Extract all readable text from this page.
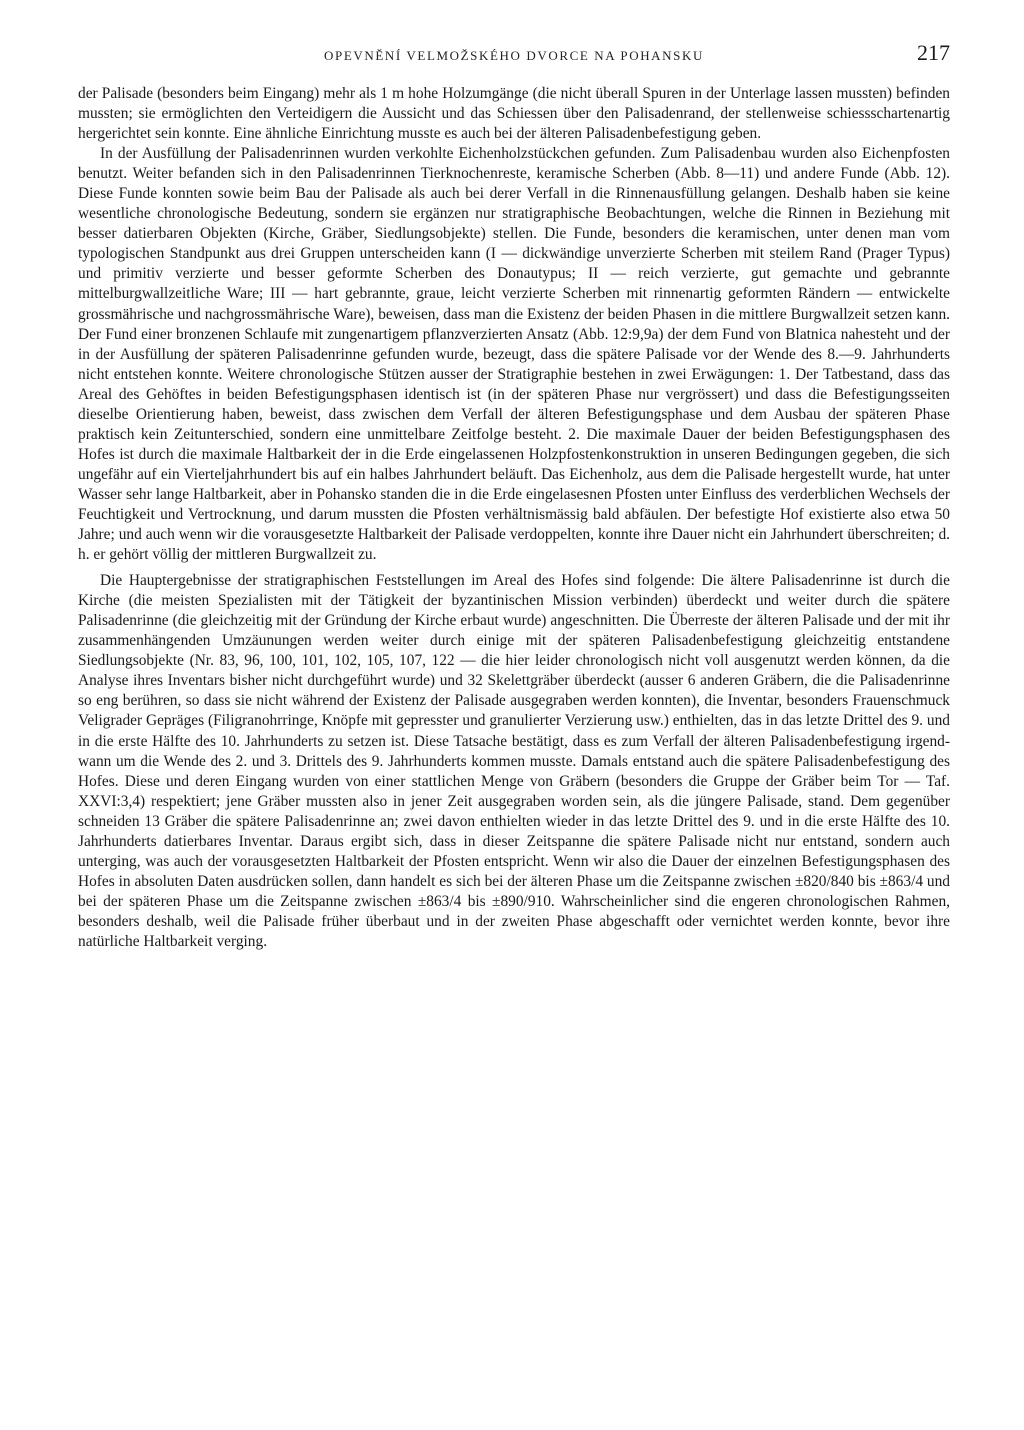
OPEVNĚNÍ VELMOŽSKÉHO DVORCE NA POHANSKU	217

der Palisade (besonders beim Eingang) mehr als 1 m hohe Holzumgänge (die nicht überall Spuren in der Unterlage lassen mussten) befinden mussten; sie ermöglichten den Verteidigern die Aussicht und das Schiessen über den Palisadenrand, der stellenweise schiessschartenartig hergerichtet sein konnte. Eine ähnliche Einrichtung musste es auch bei der älteren Palisadenbefestigung geben.

In der Ausfüllung der Palisadenrinnen wurden verkohlte Eichenholzstückchen gefunden. Zum Palisadenbau wurden also Eichenpfosten benutzt. Weiter befanden sich in den Palisadenrinnen Tierknochenreste, keramische Scherben (Abb. 8—11) und andere Funde (Abb. 12). Diese Funde konnten sowie beim Bau der Palisade als auch bei derer Verfall in die Rinnenausfüllung gelangen. Deshalb haben sie keine wesentliche chronologische Bedeutung, sondern sie ergänzen nur stratigraphische Beobachtungen, welche die Rinnen in Beziehung mit besser datierbaren Objekten (Kirche, Gräber, Siedlungsobjekte) stellen. Die Funde, besonders die keramischen, unter denen man vom typologischen Standpunkt aus drei Gruppen unterscheiden kann (I — dickwändige unverzierte Scherben mit steilem Rand (Prager Typus) und primitiv verzierte und besser geformte Scherben des Donautypus; II — reich verzierte, gut gemachte und gebrannte mittelburgwallzeitliche Ware; III — hart gebrannte, graue, leicht verzierte Scherben mit rinnenartig geformten Rändern — entwickelte grossmährische und nachgrossmährische Ware), beweisen, dass man die Existenz der beiden Phasen in die mittlere Burgwallzeit setzen kann. Der Fund einer bronzenen Schlaufe mit zungenartigem pflanzverzierten Ansatz (Abb. 12:9,9a) der dem Fund von Blatnica nahesteht und der in der Ausfüllung der späteren Palisadenrinne gefunden wurde, bezeugt, dass die spätere Palisade vor der Wende des 8.—9. Jahrhunderts nicht entstehen konnte. Weitere chronologische Stützen ausser der Stratigraphie bestehen in zwei Erwägungen: 1. Der Tatbestand, dass das Areal des Gehöftes in beiden Befestigungsphasen identisch ist (in der späteren Phase nur vergrössert) und dass die Befestigungsseiten dieselbe Orientierung haben, beweist, dass zwischen dem Verfall der älteren Befestigungsphase und dem Ausbau der späteren Phase praktisch kein Zeitunterschied, sondern eine unmittelbare Zeitfolge besteht. 2. Die maximale Dauer der beiden Befestigungsphasen des Hofes ist durch die maximale Haltbarkeit der in die Erde eingelassenen Holzpfostenkonstruktion in unseren Bedingungen gegeben, die sich ungefähr auf ein Vierteljahrhundert bis auf ein halbes Jahrhundert beläuft. Das Eichenholz, aus dem die Palisade hergestellt wurde, hat unter Wasser sehr lange Haltbarkeit, aber in Pohansko standen die in die Erde eingelasesnen Pfosten unter Einfluss des verderblichen Wechsels der Feuchtigkeit und Vertrocknung, und darum mussten die Pfosten verhältnismässig bald abfäulen. Der befestigte Hof existierte also etwa 50 Jahre; und auch wenn wir die vorausgesetzte Haltbarkeit der Palisade verdoppelten, konnte ihre Dauer nicht ein Jahrhundert überschreiten; d. h. er gehört völlig der mittleren Burgwallzeit zu.

Die Hauptergebnisse der stratigraphischen Feststellungen im Areal des Hofes sind folgende: Die ältere Palisadenrinne ist durch die Kirche (die meisten Spezialisten mit der Tätigkeit der byzantinischen Mission verbinden) überdeckt und weiter durch die spätere Palisadenrinne (die gleichzeitig mit der Gründung der Kirche erbaut wurde) angeschnitten. Die Überreste der älteren Palisade und der mit ihr zusammenhängenden Umzäunungen werden weiter durch einige mit der späteren Palisadenbefestigung gleichzeitig entstandene Siedlungsobjekte (Nr. 83, 96, 100, 101, 102, 105, 107, 122 — die hier leider chronologisch nicht voll ausgenutzt werden können, da die Analyse ihres Inventars bisher nicht durchgeführt wurde) und 32 Skelettgräber überdeckt (ausser 6 anderen Gräbern, die die Palisadenrinne so eng berühren, so dass sie nicht während der Existenz der Palisade ausgegraben werden konnten), die Inventar, besonders Frauenschmuck Veligrader Gepräges (Filigranohrringe, Knöpfe mit gepresster und granulierter Verzierung usw.) enthielten, das in das letzte Drittel des 9. und in die erste Hälfte des 10. Jahrhunderts zu setzen ist. Diese Tatsache bestätigt, dass es zum Verfall der älteren Palisadenbefestigung irgendwann um die Wende des 2. und 3. Drittels des 9. Jahrhunderts kommen musste. Damals entstand auch die spätere Palisadenbefestigung des Hofes. Diese und deren Eingang wurden von einer stattlichen Menge von Gräbern (besonders die Gruppe der Gräber beim Tor — Taf. XXVI:3,4) respektiert; jene Gräber mussten also in jener Zeit ausgegraben worden sein, als die jüngere Palisade, stand. Dem gegenüber schneiden 13 Gräber die spätere Palisadenrinne an; zwei davon enthielten wieder in das letzte Drittel des 9. und in die erste Hälfte des 10. Jahrhunderts datierbares Inventar. Daraus ergibt sich, dass in dieser Zeitspanne die spätere Palisade nicht nur entstand, sondern auch unterging, was auch der vorausgesetzten Haltbarkeit der Pfosten entspricht. Wenn wir also die Dauer der einzelnen Befestigungsphasen des Hofes in absoluten Daten ausdrücken sollen, dann handelt es sich bei der älteren Phase um die Zeitspanne zwischen ±820/840 bis ±863/4 und bei der späteren Phase um die Zeitspanne zwischen ±863/4 bis ±890/910. Wahrscheinlicher sind die engeren chronologischen Rahmen, besonders deshalb, weil die Palisade früher überbaut und in der zweiten Phase abgeschafft oder vernichtet werden konnte, bevor ihre natürliche Haltbarkeit verging.
